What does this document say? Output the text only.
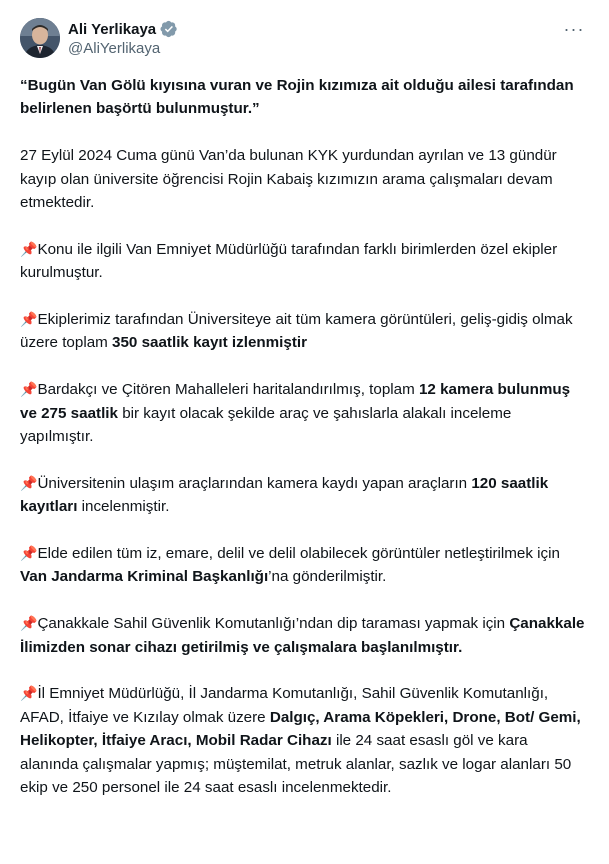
Ali Yerlikaya
@AliYerlikaya
···

“Bugün Van Gölü kıyısına vuran ve Rojin kızımıza ait olduğu ailesi tarafından belirlenen başörtü bulunmuştur.”

27 Eylül 2024 Cuma günü Van’da bulunan KYK yurdundan ayrılan ve 13 gündür kayıp olan üniversite öğrencisi Rojin Kabaiş kızımızın arama çalışmaları devam etmektedir.

📌Konu ile ilgili Van Emniyet Müdürlüğü tarafından farklı birimlerden özel ekipler kurulmuştur.

📌Ekiplerimiz tarafından Üniversiteye ait tüm kamera görüntüleri, geliş-gidiş olmak üzere toplam 350 saatlik kayıt izlenmiştir

📌Bardakçı ve Çitören Mahalleleri haritalandırılmış, toplam 12 kamera bulunmuş ve 275 saatlik bir kayıt olacak şekilde araç ve şahıslarla alakalı inceleme yapılmıştır.

📌Üniversitenin ulaşım araçlarından kamera kaydı yapan araçların 120 saatlik kayıtları incelenmiştir.

📌Elde edilen tüm iz, emare, delil ve delil olabilecek görüntüler netleştirilmek için Van Jandarma Kriminal Başkanlığı’na gönderilmiştir.

📌Çanakkale Sahil Güvenlik Komutanlığı’ndan dip taraması yapmak için Çanakkale İlimizden sonar cihazı getirilmiş ve çalışmalara başlanılmıştır.

📌İl Emniyet Müdürlüğü, İl Jandarma Komutanlığı, Sahil Güvenlik Komutanlığı, AFAD, İtfaiye ve Kızılay olmak üzere Dalgıç, Arama Köpekleri, Drone, Bot/ Gemi, Helikopter, İtfaiye Aracı, Mobil Radar Cihazı ile 24 saat esaslı göl ve kara alanında çalışmalar yapmış; müştemilat, metruk alanlar, sazlık ve logar alanları 50 ekip ve 250 personel ile 24 saat esaslı incelenmektedir.
